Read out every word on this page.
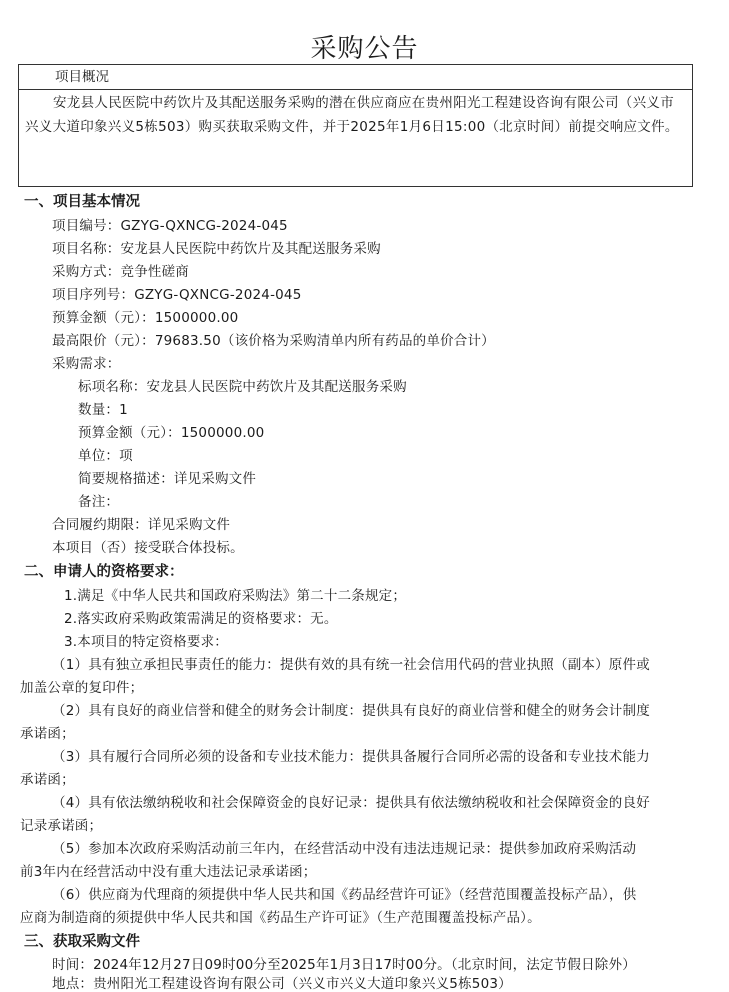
采购公告
项目概况
安龙县人民医院中药饮片及其配送服务采购的潜在供应商应在贵州阳光工程建设咨询有限公司（兴义市兴义大道印象兴义5栋503）购买获取采购文件，并于2025年1月6日15:00（北京时间）前提交响应文件。
一、项目基本情况
项目编号：GZYG-QXNCG-2024-045
项目名称：安龙县人民医院中药饮片及其配送服务采购
采购方式：竞争性磋商
项目序列号：GZYG-QXNCG-2024-045
预算金额（元）：1500000.00
最高限价（元）：79683.50（该价格为采购清单内所有药品的单价合计）
采购需求：
标项名称：安龙县人民医院中药饮片及其配送服务采购
数量：1
预算金额（元）：1500000.00
单位：项
简要规格描述：详见采购文件
备注：
合同履约期限：详见采购文件
本项目（否）接受联合体投标。
二、申请人的资格要求：
1.满足《中华人民共和国政府采购法》第二十二条规定；
2.落实政府采购政策需满足的资格要求：无。
3.本项目的特定资格要求：
（1）具有独立承担民事责任的能力：提供有效的具有统一社会信用代码的营业执照（副本）原件或
加盖公章的复印件；
（2）具有良好的商业信誉和健全的财务会计制度：提供具有良好的商业信誉和健全的财务会计制度
承诺函；
（3）具有履行合同所必须的设备和专业技术能力：提供具备履行合同所必需的设备和专业技术能力
承诺函；
（4）具有依法缴纳税收和社会保障资金的良好记录：提供具有依法缴纳税收和社会保障资金的良好
记录承诺函；
（5）参加本次政府采购活动前三年内，在经营活动中没有违法违规记录：提供参加政府采购活动
前3年内在经营活动中没有重大违法记录承诺函；
（6）供应商为代理商的须提供中华人民共和国《药品经营许可证》（经营范围覆盖投标产品），供
应商为制造商的须提供中华人民共和国《药品生产许可证》（生产范围覆盖投标产品）。
三、获取采购文件
时间：2024年12月27日09时00分至2025年1月3日17时00分。（北京时间，法定节假日除外）
地点：贵州阳光工程建设咨询有限公司（兴义市兴义大道印象兴义5栋503）
